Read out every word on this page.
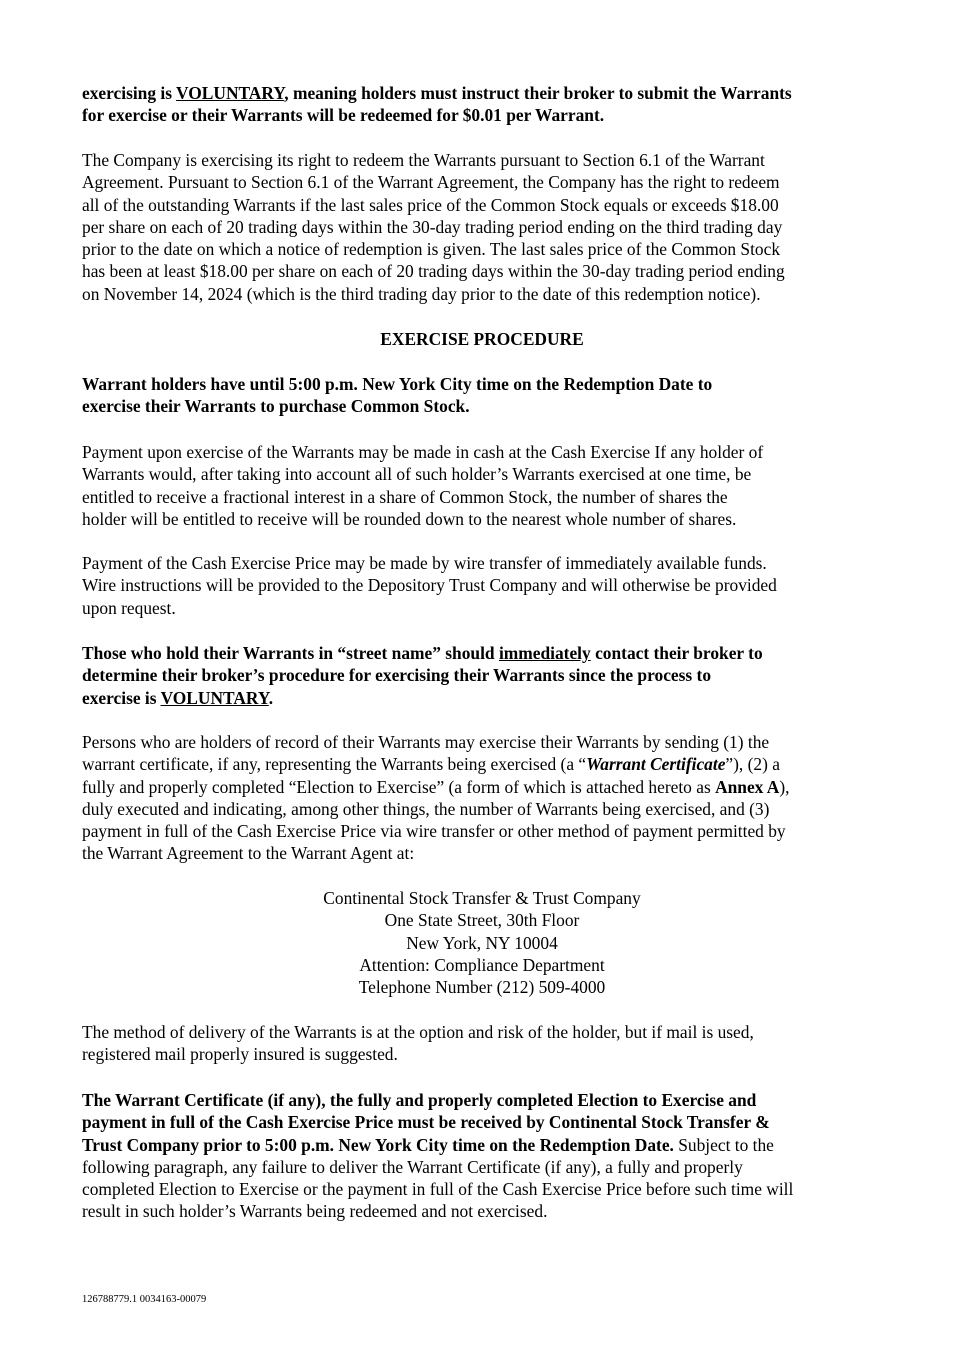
exercising is VOLUNTARY, meaning holders must instruct their broker to submit the Warrants
for exercise or their Warrants will be redeemed for $0.01 per Warrant.

The Company is exercising its right to redeem the Warrants pursuant to Section 6.1 of the Warrant
Agreement. Pursuant to Section 6.1 of the Warrant Agreement, the Company has the right to redeem
all of the outstanding Warrants if the last sales price of the Common Stock equals or exceeds $18.00
per share on each of 20 trading days within the 30-day trading period ending on the third trading day
prior to the date on which a notice of redemption is given. The last sales price of the Common Stock
has been at least $18.00 per share on each of 20 trading days within the 30-day trading period ending
on November 14, 2024 (which is the third trading day prior to the date of this redemption notice).

EXERCISE PROCEDURE

Warrant holders have until 5:00 p.m. New York City time on the Redemption Date to
exercise their Warrants to purchase Common Stock.

Payment upon exercise of the Warrants may be made in cash at the Cash Exercise If any holder of
Warrants would, after taking into account all of such holder’s Warrants exercised at one time, be
entitled to receive a fractional interest in a share of Common Stock, the number of shares the
holder will be entitled to receive will be rounded down to the nearest whole number of shares.

Payment of the Cash Exercise Price may be made by wire transfer of immediately available funds.
Wire instructions will be provided to the Depository Trust Company and will otherwise be provided
upon request.

Those who hold their Warrants in “street name” should immediately contact their broker to
determine their broker’s procedure for exercising their Warrants since the process to
exercise is VOLUNTARY.

Persons who are holders of record of their Warrants may exercise their Warrants by sending (1) the
warrant certificate, if any, representing the Warrants being exercised (a “Warrant Certificate”), (2) a
fully and properly completed “Election to Exercise” (a form of which is attached hereto as Annex A),
duly executed and indicating, among other things, the number of Warrants being exercised, and (3)
payment in full of the Cash Exercise Price via wire transfer or other method of payment permitted by
the Warrant Agreement to the Warrant Agent at:

Continental Stock Transfer & Trust Company
One State Street, 30th Floor
New York, NY 10004
Attention: Compliance Department
Telephone Number (212) 509-4000

The method of delivery of the Warrants is at the option and risk of the holder, but if mail is used,
registered mail properly insured is suggested.

The Warrant Certificate (if any), the fully and properly completed Election to Exercise and
payment in full of the Cash Exercise Price must be received by Continental Stock Transfer &
Trust Company prior to 5:00 p.m. New York City time on the Redemption Date. Subject to the
following paragraph, any failure to deliver the Warrant Certificate (if any), a fully and properly
completed Election to Exercise or the payment in full of the Cash Exercise Price before such time will
result in such holder’s Warrants being redeemed and not exercised.

126788779.1 0034163-00079
